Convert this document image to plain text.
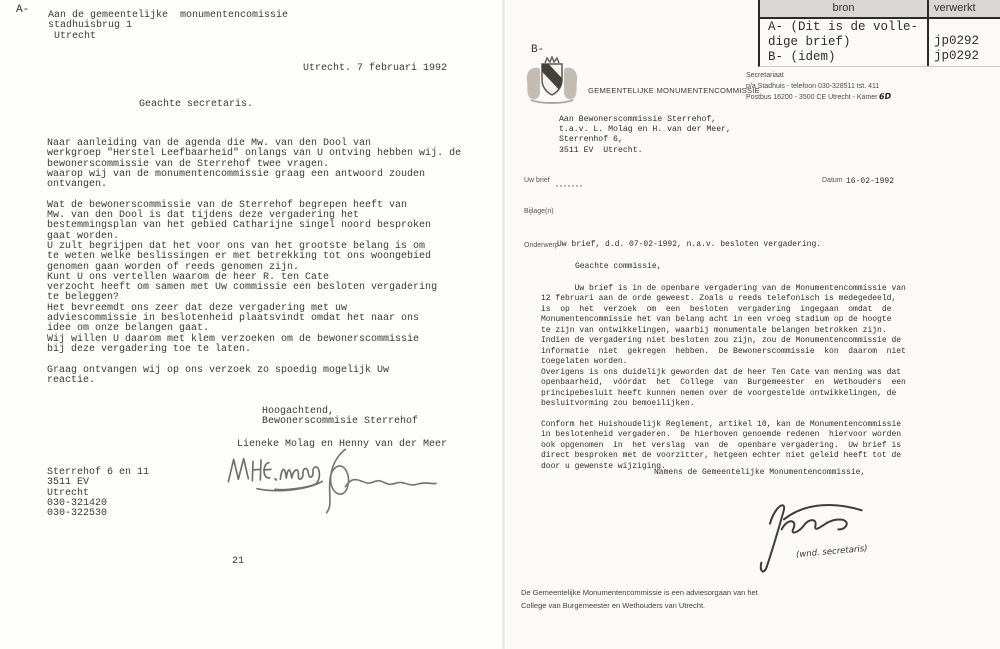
A- Aan de gemeentelijke  monumentencomissie
stadhuisbrug 1
Utrecht
Utrecht. 7 februari 1992
Geachte secretaris.
Naar aanleiding van de agenda die Mw. van den Dool van
werkgroep "Herstel Leefbaarheid" onlangs van U ontving hebben wij. de
bewonerscommissie van de Sterrehof twee vragen.
waarop wij van de monumentencommissie graag een antwoord zouden
ontvangen.

Wat de bewonerscommissie van de Sterrehof begrepen heeft van
Mw. van den Dool is dat tijdens deze vergadering het
bestemmingsplan van het gebied Catharijne singel noord besproken
gaat worden.
U zult begrijpen dat het voor ons van het grootste belang is om
te weten welke beslissingen er met betrekking tot ons woongebied
genomen gaan worden of reeds genomen zijn.
Kunt U ons vertellen waarom de heer R. ten Cate
verzocht heeft om samen met Uw commissie een besloten vergadering
te beleggen?
Het bevreemdt ons zeer dat deze vergadering met uw
adviescommissie in beslotenheid plaatsvindt omdat het naar ons
idee om onze belangen gaat.
Wij willen U daarom met klem verzoeken om de bewonerscommissie
bij deze vergadering toe te laten.

Graag ontvangen wij op ons verzoek zo spoedig mogelijk Uw
reactie.
Hoogachtend,
Bewonerscommisie Sterrehof
Lieneke Molag en Henny van der Meer
Sterrehof 6 en 11
3511 EV
Utrecht
030-321420
030-322530
21
B-
GEMEENTELIJKE MONUMENTENCOMMISSIE
Secretariaat
p/a Stadhuis - telefoon 030-328511 tst. 411
Postbus 16200 - 3500 CE Utrecht - Kamer 6D
Aan Bewonerscommissie Sterrehof,
t.a.v. L. Molag en H. van der Meer,
Sterrenhof 6,
3511 EV  Utrecht.
Uw brief	Datum 16-02-1992
Bijlage(n)
Onderwerp
Uw brief, d.d. 07-02-1992, n.a.v. besloten vergadering.
Geachte commissie,
Uw brief is in de openbare vergadering van de Monumentencommissie van
12 februari aan de orde geweest. Zoals u reeds telefonisch is medegedeeld,
is  op  het  verzoek  om  een  besloten  vergadering  ingegaan  omdat  de
Monumentencommissie het van belang acht in een vroeg stadium op de hoogte
te zijn van ontwikkelingen, waarbij monumentale belangen betrokken zijn.
Indien de vergadering niet besloten zou zijn, zou de Monumentencommissie de
informatie  niet  gekregen  hebben.  De Bewonerscommissie  kon  daarom  niet
toegelaten worden.
Overigens is ons duidelijk geworden dat de heer Ten Cate van mening was dat
openbaarheid,  vóórdat  het  College  van  Burgemeester  en  Wethouders  een
principebesluit heeft kunnen nemen over de voorgestelde ontwikkelingen, de
besluitvorming zou bemoeilijken.

Conform het Huishoudelijk Reglement, artikel 10, kan de Monumentencommissie
in beslotenheid vergaderen.  De hierboven genoemde redenen  hiervoor worden
ook opgenomen  in  het verslag  van  de  openbare vergadering.  Uw brief is
direct besproken met de voorzitter, hetgeen echter niet geleid heeft tot de
door u gewenste wijziging.
Namens de Gemeentelijke Monumentencommissie,
(wnd. secretaris)
De Gemeentelijke Monumentencommissie is een adviesorgaan van het
College van Burgemeester en Wethouders van Utrecht.
bron	verwerkt
A- (Dit is de volle-
dige brief)
B- (idem)
jp0292
jp0292
